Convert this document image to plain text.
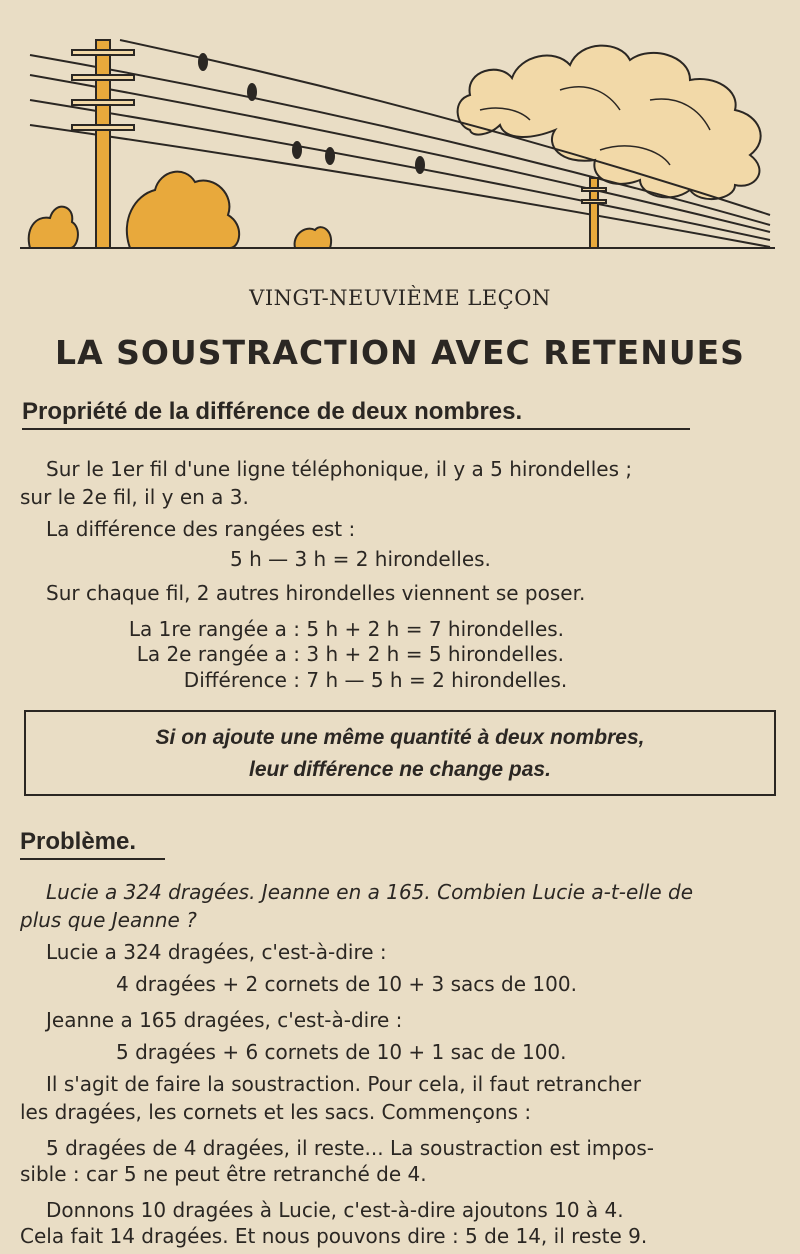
VINGT-NEUVIÈME LEÇON
LA SOUSTRACTION AVEC RETENUES
Propriété de la différence de deux nombres.
Sur le 1er fil d'une ligne téléphonique, il y a 5 hirondelles ;
sur le 2e fil, il y en a 3.
La différence des rangées est :
5 h — 3 h = 2 hirondelles.
Sur chaque fil, 2 autres hirondelles viennent se poser.
La 1re rangée a : 5 h + 2 h = 7 hirondelles.
La 2e rangée a : 3 h + 2 h = 5 hirondelles.
Différence : 7 h — 5 h = 2 hirondelles.
Si on ajoute une même quantité à deux nombres,
leur différence ne change pas.
Problème.
Lucie a 324 dragées. Jeanne en a 165. Combien Lucie a-t-elle de
plus que Jeanne ?
Lucie a 324 dragées, c'est-à-dire :
4 dragées + 2 cornets de 10 + 3 sacs de 100.
Jeanne a 165 dragées, c'est-à-dire :
5 dragées + 6 cornets de 10 + 1 sac de 100.
Il s'agit de faire la soustraction. Pour cela, il faut retrancher
les dragées, les cornets et les sacs. Commençons :
5 dragées de 4 dragées, il reste... La soustraction est impos-
sible : car 5 ne peut être retranché de 4.
Donnons 10 dragées à Lucie, c'est-à-dire ajoutons 10 à 4.
Cela fait 14 dragées. Et nous pouvons dire : 5 de 14, il reste 9.
